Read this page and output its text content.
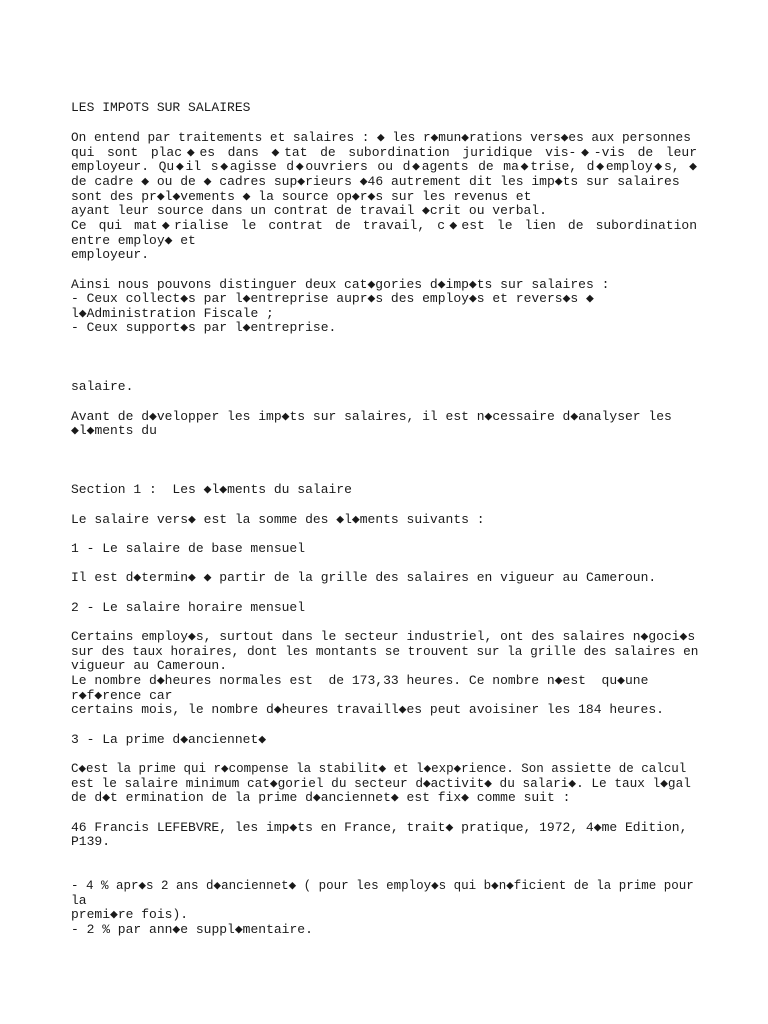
LES IMPOTS SUR SALAIRES
On entend par traitements et salaires : ◆ les r◆mun◆rations vers◆es aux personnes
qui sont plac◆es dans ◆tat de subordination juridique vis-◆-vis de leur
employeur. Qu◆il s◆agisse d◆ouvriers ou d◆agents de ma◆trise, d◆employ◆s, ◆
de cadre ◆ ou de ◆ cadres sup◆rieurs ◆46 autrement dit les imp◆ts sur salaires
sont des pr◆l◆vements ◆ la source op◆r◆s sur les revenus et
ayant leur source dans un contrat de travail ◆crit ou verbal.
Ce qui mat◆rialise le contrat de travail, c◆est le lien de subordination
entre employ◆ et
employeur.
Ainsi nous pouvons distinguer deux cat◆gories d◆imp◆ts sur salaires :
- Ceux collect◆s par l◆entreprise aupr◆s des employ◆s et revers◆s ◆
l◆Administration Fiscale ;
- Ceux support◆s par l◆entreprise.
salaire.
Avant de d◆velopper les imp◆ts sur salaires, il est n◆cessaire d◆analyser les
◆l◆ments du
Section 1 :  Les ◆l◆ments du salaire
Le salaire vers◆ est la somme des ◆l◆ments suivants :
1 - Le salaire de base mensuel
Il est d◆termin◆ ◆ partir de la grille des salaires en vigueur au Cameroun.
2 - Le salaire horaire mensuel
Certains employ◆s, surtout dans le secteur industriel, ont des salaires n◆goci◆s
sur des taux horaires, dont les montants se trouvent sur la grille des salaires en
vigueur au Cameroun.
Le nombre d◆heures normales est  de 173,33 heures. Ce nombre n◆est  qu◆une
r◆f◆rence car
certains mois, le nombre d◆heures travaill◆es peut avoisiner les 184 heures.
3 - La prime d◆anciennet◆
C◆est la prime qui r◆compense la stabilit◆ et l◆exp◆rience. Son assiette de calcul
est le salaire minimum cat◆goriel du secteur d◆activit◆ du salari◆. Le taux l◆gal
de d◆t ermination de la prime d◆anciennet◆ est fix◆ comme suit :
46 Francis LEFEBVRE, les imp◆ts en France, trait◆ pratique, 1972, 4◆me Edition,
P139.
- 4 % apr◆s 2 ans d◆anciennet◆ ( pour les employ◆s qui b◆n◆ficient de la prime pour
la
premi◆re fois).
- 2 % par ann◆e suppl◆mentaire.
